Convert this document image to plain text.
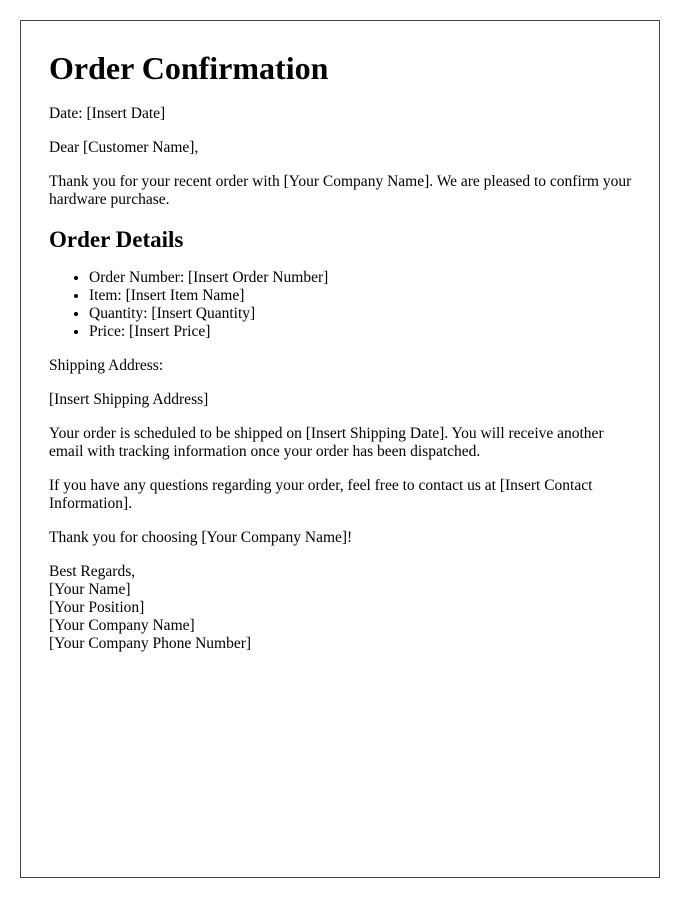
Order Confirmation

Date: [Insert Date]

Dear [Customer Name],

Thank you for your recent order with [Your Company Name]. We are pleased to confirm your hardware purchase.

Order Details
• Order Number: [Insert Order Number]
• Item: [Insert Item Name]
• Quantity: [Insert Quantity]
• Price: [Insert Price]

Shipping Address:

[Insert Shipping Address]

Your order is scheduled to be shipped on [Insert Shipping Date]. You will receive another email with tracking information once your order has been dispatched.

If you have any questions regarding your order, feel free to contact us at [Insert Contact Information].

Thank you for choosing [Your Company Name]!

Best Regards,

[Your Name]

[Your Position]

[Your Company Name]

[Your Company Phone Number]
